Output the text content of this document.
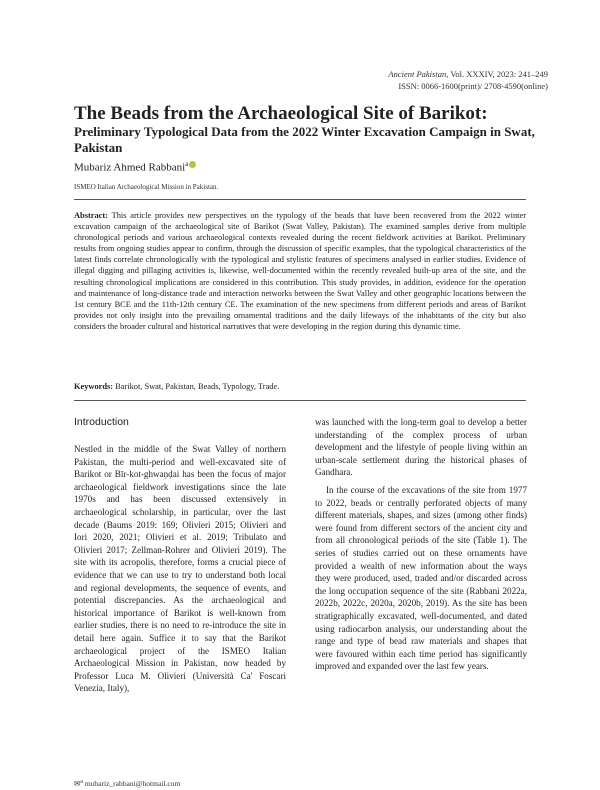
Ancient Pakistan, Vol. XXXIV, 2023: 241–249
ISSN: 0066-1600(print)/ 2708-4590(online)
The Beads from the Archaeological Site of Barikot:
Preliminary Typological Data from the 2022 Winter Excavation Campaign in Swat, Pakistan
Mubariz Ahmed Rabbani$^a$
ISMEO Italian Archaeological Mission in Pakistan.
Abstract: This article provides new perspectives on the typology of the beads that have been recovered from the 2022 winter excavation campaign of the archaeological site of Barikot (Swat Valley, Pakistan). The examined samples derive from multiple chronological periods and various archaeological contexts revealed during the recent fieldwork activities at Barikot. Preliminary results from ongoing studies appear to confirm, through the discussion of specific examples, that the typological characteristics of the latest finds correlate chronologically with the typological and stylistic features of specimens analysed in earlier studies. Evidence of illegal digging and pillaging activities is, likewise, well-documented within the recently revealed built-up area of the site, and the resulting chronological implications are considered in this contribution. This study provides, in addition, evidence for the operation and maintenance of long-distance trade and interaction networks between the Swat Valley and other geographic locations between the 1st century BCE and the 11th-12th century CE. The examination of the new specimens from different periods and areas of Barikot provides not only insight into the prevailing ornamental traditions and the daily lifeways of the inhabitants of the city but also considers the broader cultural and historical narratives that were developing in the region during this dynamic time.
Keywords: Barikot, Swat, Pakistan, Beads, Typology, Trade.
Introduction

Nestled in the middle of the Swat Valley of northern Pakistan, the multi-period and well-excavated site of Barikot or Bīr-kot-ghwaṇḍai has been the focus of major archaeological fieldwork investigations since the late 1970s and has been discussed extensively in archaeological scholarship, in particular, over the last decade (Baums 2019: 169; Olivieri 2015; Olivieri and Iori 2020, 2021; Olivieri et al. 2019; Tribulato and Olivieri 2017; Zellman-Rohrer and Olivieri 2019). The site with its acropolis, therefore, forms a crucial piece of evidence that we can use to try to understand both local and regional developments, the sequence of events, and potential discrepancies. As the archaeological and historical importance of Barikot is well-known from earlier studies, there is no need to re-introduce the site in detail here again. Suffice it to say that the Barikot archaeological project of the ISMEO Italian Archaeological Mission in Pakistan, now headed by Professor Luca M. Olivieri (Università Ca' Foscari Venezia, Italy),

was launched with the long-term goal to develop a better understanding of the complex process of urban development and the lifestyle of people living within an urban-scale settlement during the historical phases of Gandhara.

In the course of the excavations of the site from 1977 to 2022, beads or centrally perforated objects of many different materials, shapes, and sizes (among other finds) were found from different sectors of the ancient city and from all chronological periods of the site (Table 1). The series of studies carried out on these ornaments have provided a wealth of new information about the ways they were produced, used, traded and/or discarded across the long occupation sequence of the site (Rabbani 2022a, 2022b, 2022c, 2020a, 2020b, 2019). As the site has been stratigraphically excavated, well-documented, and dated using radiocarbon analysis, our understanding about the range and type of bead raw materials and shapes that were favoured within each time period has significantly improved and expanded over the last few years.

✉$^a$ mubariz_rabbani@hotmail.com
